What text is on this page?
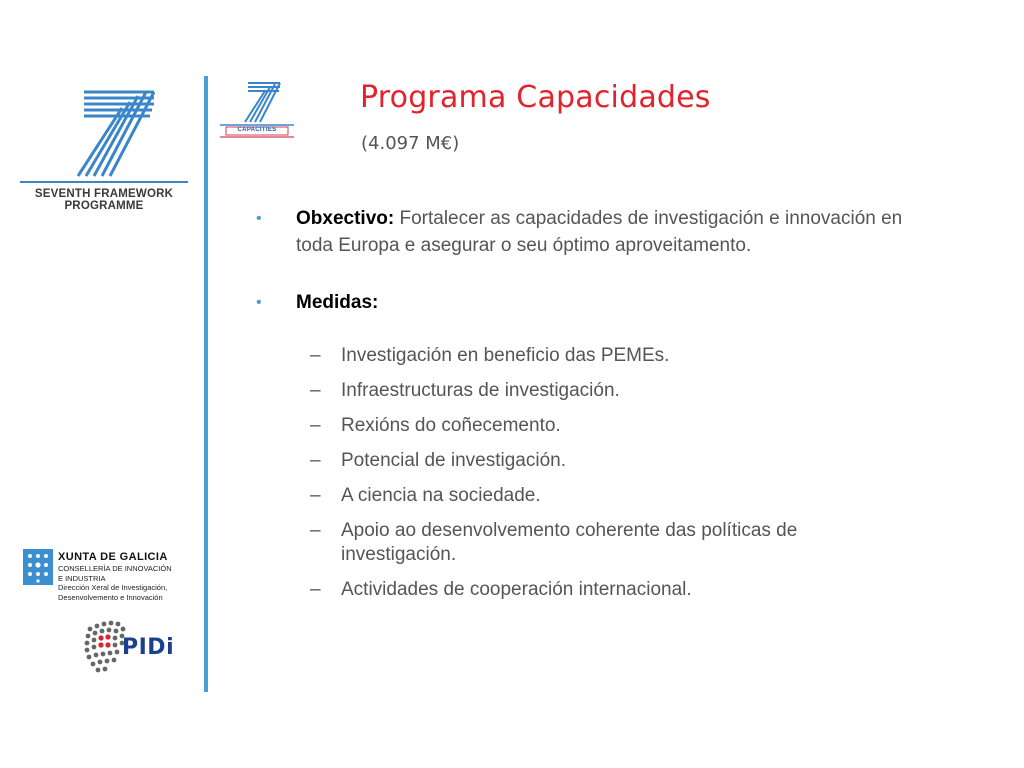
SEVENTH FRAMEWORK
PROGRAMME
CAPACITIES
Programa Capacidades
(4.097 M€)
• Obxectivo: Fortalecer as capacidades de investigación e innovación en toda Europa e asegurar o seu óptimo aproveitamento.
• Medidas:
– Investigación en beneficio das PEMEs.
– Infraestructuras de investigación.
– Rexións do coñecemento.
– Potencial de investigación.
– A ciencia na sociedade.
– Apoio ao desenvolvemento coherente das políticas de investigación.
– Actividades de cooperación internacional.
XUNTA DE GALICIA
CONSELLERÍA DE INNOVACIÓN
E INDUSTRIA
Dirección Xeral de Investigación,
Desenvolvemento e Innovación
PIDi
